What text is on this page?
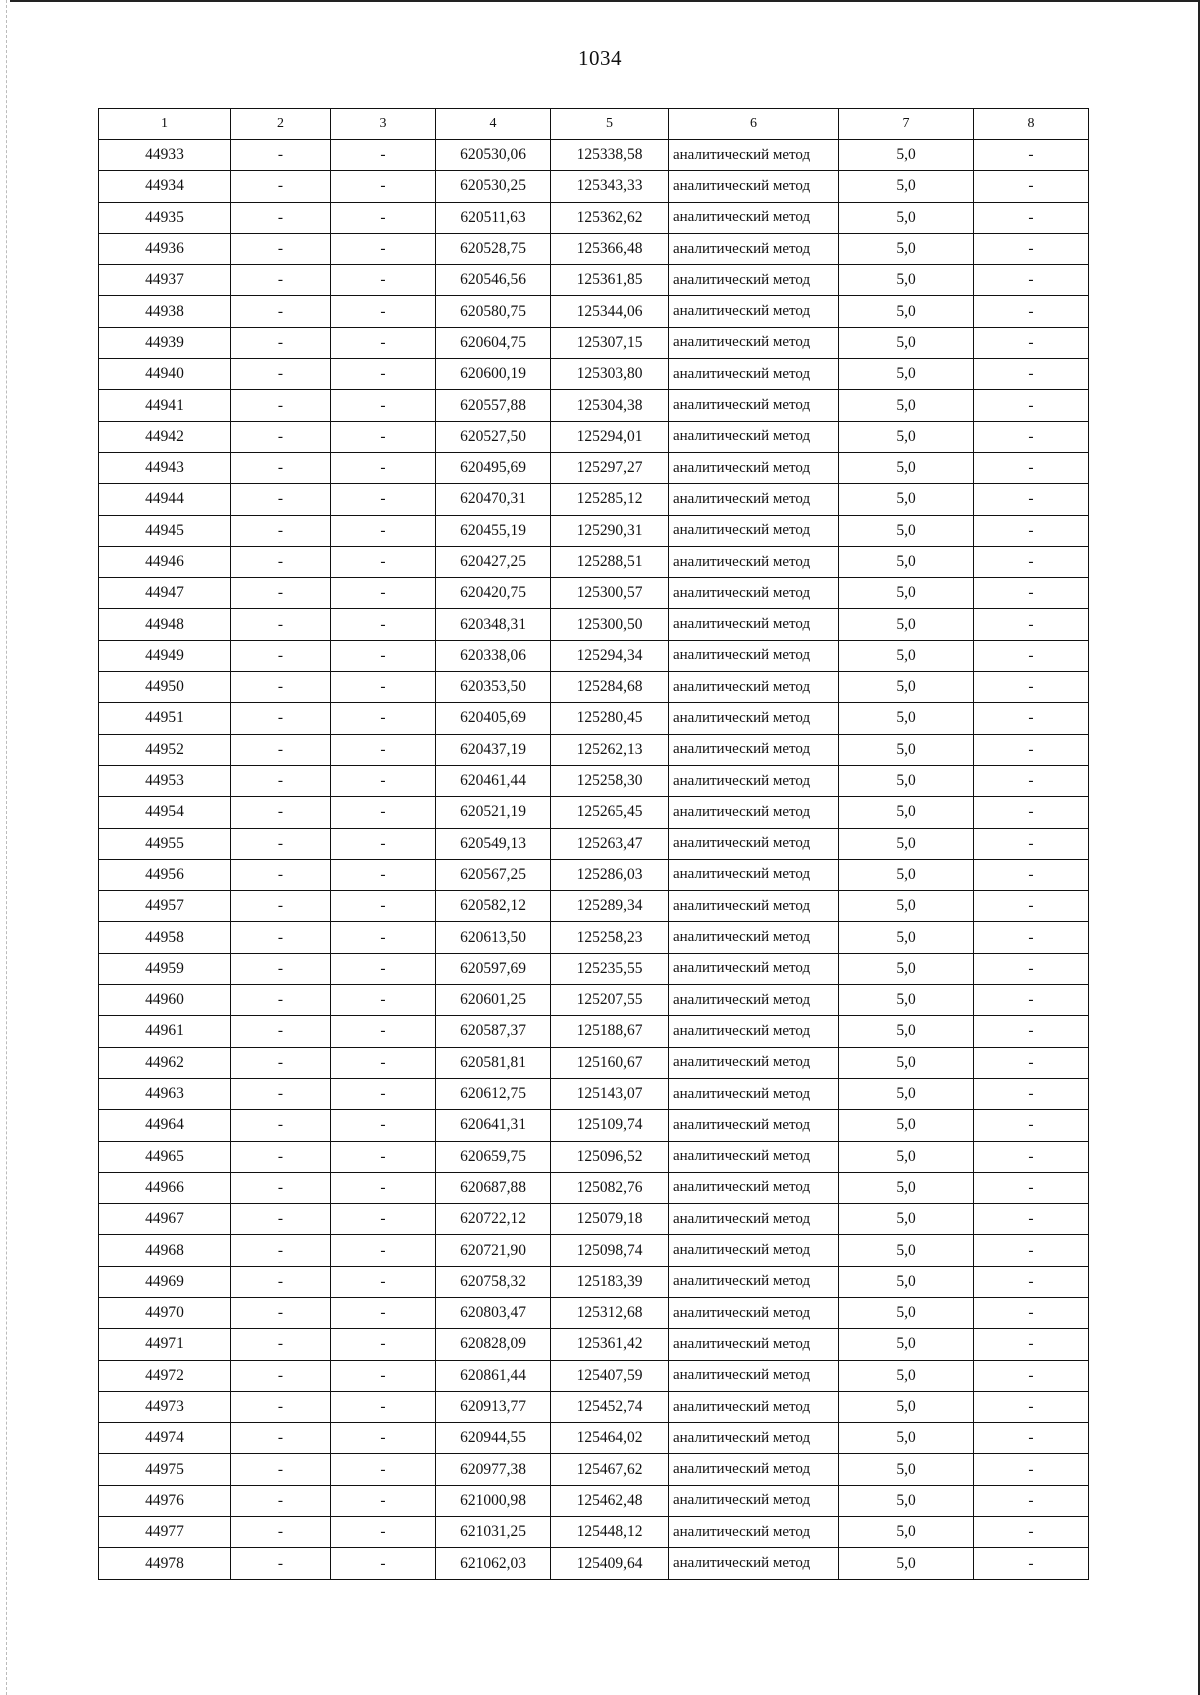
1034
1	2	3	4	5	6	7	8
44933	-	-	620530,06	125338,58	аналитический метод	5,0	-
44934	-	-	620530,25	125343,33	аналитический метод	5,0	-
44935	-	-	620511,63	125362,62	аналитический метод	5,0	-
44936	-	-	620528,75	125366,48	аналитический метод	5,0	-
44937	-	-	620546,56	125361,85	аналитический метод	5,0	-
44938	-	-	620580,75	125344,06	аналитический метод	5,0	-
44939	-	-	620604,75	125307,15	аналитический метод	5,0	-
44940	-	-	620600,19	125303,80	аналитический метод	5,0	-
44941	-	-	620557,88	125304,38	аналитический метод	5,0	-
44942	-	-	620527,50	125294,01	аналитический метод	5,0	-
44943	-	-	620495,69	125297,27	аналитический метод	5,0	-
44944	-	-	620470,31	125285,12	аналитический метод	5,0	-
44945	-	-	620455,19	125290,31	аналитический метод	5,0	-
44946	-	-	620427,25	125288,51	аналитический метод	5,0	-
44947	-	-	620420,75	125300,57	аналитический метод	5,0	-
44948	-	-	620348,31	125300,50	аналитический метод	5,0	-
44949	-	-	620338,06	125294,34	аналитический метод	5,0	-
44950	-	-	620353,50	125284,68	аналитический метод	5,0	-
44951	-	-	620405,69	125280,45	аналитический метод	5,0	-
44952	-	-	620437,19	125262,13	аналитический метод	5,0	-
44953	-	-	620461,44	125258,30	аналитический метод	5,0	-
44954	-	-	620521,19	125265,45	аналитический метод	5,0	-
44955	-	-	620549,13	125263,47	аналитический метод	5,0	-
44956	-	-	620567,25	125286,03	аналитический метод	5,0	-
44957	-	-	620582,12	125289,34	аналитический метод	5,0	-
44958	-	-	620613,50	125258,23	аналитический метод	5,0	-
44959	-	-	620597,69	125235,55	аналитический метод	5,0	-
44960	-	-	620601,25	125207,55	аналитический метод	5,0	-
44961	-	-	620587,37	125188,67	аналитический метод	5,0	-
44962	-	-	620581,81	125160,67	аналитический метод	5,0	-
44963	-	-	620612,75	125143,07	аналитический метод	5,0	-
44964	-	-	620641,31	125109,74	аналитический метод	5,0	-
44965	-	-	620659,75	125096,52	аналитический метод	5,0	-
44966	-	-	620687,88	125082,76	аналитический метод	5,0	-
44967	-	-	620722,12	125079,18	аналитический метод	5,0	-
44968	-	-	620721,90	125098,74	аналитический метод	5,0	-
44969	-	-	620758,32	125183,39	аналитический метод	5,0	-
44970	-	-	620803,47	125312,68	аналитический метод	5,0	-
44971	-	-	620828,09	125361,42	аналитический метод	5,0	-
44972	-	-	620861,44	125407,59	аналитический метод	5,0	-
44973	-	-	620913,77	125452,74	аналитический метод	5,0	-
44974	-	-	620944,55	125464,02	аналитический метод	5,0	-
44975	-	-	620977,38	125467,62	аналитический метод	5,0	-
44976	-	-	621000,98	125462,48	аналитический метод	5,0	-
44977	-	-	621031,25	125448,12	аналитический метод	5,0	-
44978	-	-	621062,03	125409,64	аналитический метод	5,0	-
